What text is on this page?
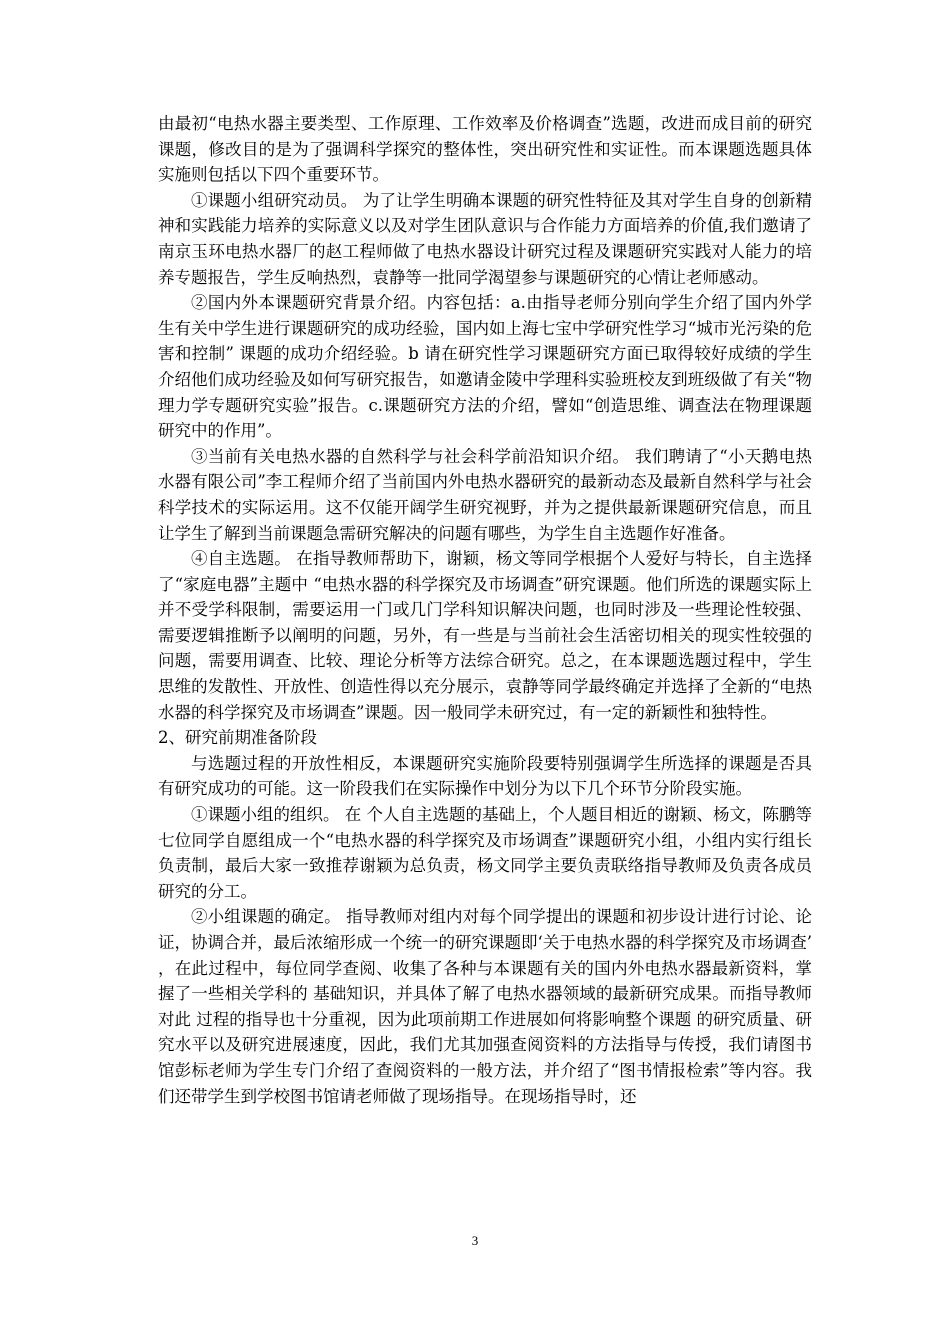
由最初“电热水器主要类型、工作原理、工作效率及价格调查”选题，改进而成目前的研究课题，修改目的是为了强调科学探究的整体性，突出研究性和实证性。而本课题选题具体实施则包括以下四个重要环节。

①课题小组研究动员。 为了让学生明确本课题的研究性特征及其对学生自身的创新精神和实践能力培养的实际意义以及对学生团队意识与合作能力方面培养的价值,我们邀请了南京玉环电热水器厂的赵工程师做了电热水器设计研究过程及课题研究实践对人能力的培养专题报告，学生反响热烈，袁静等一批同学渴望参与课题研究的心情让老师感动。

②国内外本课题研究背景介绍。内容包括：a.由指导老师分别向学生介绍了国内外学生有关中学生进行课题研究的成功经验，国内如上海七宝中学研究性学习“城市光污染的危害和控制” 课题的成功介绍经验。b 请在研究性学习课题研究方面已取得较好成绩的学生介绍他们成功经验及如何写研究报告，如邀请金陵中学理科实验班校友到班级做了有关“物理力学专题研究实验”报告。c.课题研究方法的介绍，譬如“创造思维、调查法在物理课题研究中的作用”。

③当前有关电热水器的自然科学与社会科学前沿知识介绍。 我们聘请了“小天鹅电热水器有限公司”李工程师介绍了当前国内外电热水器研究的最新动态及最新自然科学与社会科学技术的实际运用。这不仅能开阔学生研究视野，并为之提供最新课题研究信息，而且让学生了解到当前课题急需研究解决的问题有哪些，为学生自主选题作好准备。

④自主选题。 在指导教师帮助下，谢颖，杨文等同学根据个人爱好与特长，自主选择了“家庭电器”主题中 “电热水器的科学探究及市场调查”研究课题。他们所选的课题实际上并不受学科限制，需要运用一门或几门学科知识解决问题，也同时涉及一些理论性较强、需要逻辑推断予以阐明的问题，另外，有一些是与当前社会生活密切相关的现实性较强的问题，需要用调查、比较、理论分析等方法综合研究。总之，在本课题选题过程中，学生思维的发散性、开放性、创造性得以充分展示，袁静等同学最终确定并选择了全新的“电热水器的科学探究及市场调查”课题。因一般同学未研究过，有一定的新颖性和独特性。

2、研究前期准备阶段

与选题过程的开放性相反，本课题研究实施阶段要特别强调学生所选择的课题是否具有研究成功的可能。这一阶段我们在实际操作中划分为以下几个环节分阶段实施。

①课题小组的组织。 在 个人自主选题的基础上，个人题目相近的谢颖、杨文，陈鹏等七位同学自愿组成一个“电热水器的科学探究及市场调查”课题研究小组，小组内实行组长负责制，最后大家一致推荐谢颖为总负责，杨文同学主要负责联络指导教师及负责各成员研究的分工。

②小组课题的确定。 指导教师对组内对每个同学提出的课题和初步设计进行讨论、论证，协调合并，最后浓缩形成一个统一的研究课题即‘关于电热水器的科学探究及市场调查’，在此过程中，每位同学查阅、收集了各种与本课题有关的国内外电热水器最新资料，掌握了一些相关学科的 基础知识，并具体了解了电热水器领域的最新研究成果。而指导教师对此 过程的指导也十分重视，因为此项前期工作进展如何将影响整个课题 的研究质量、研究水平以及研究进展速度，因此，我们尤其加强查阅资料的方法指导与传授，我们请图书馆彭标老师为学生专门介绍了查阅资料的一般方法，并介绍了“图书情报检索”等内容。我们还带学生到学校图书馆请老师做了现场指导。在现场指导时，还

3
